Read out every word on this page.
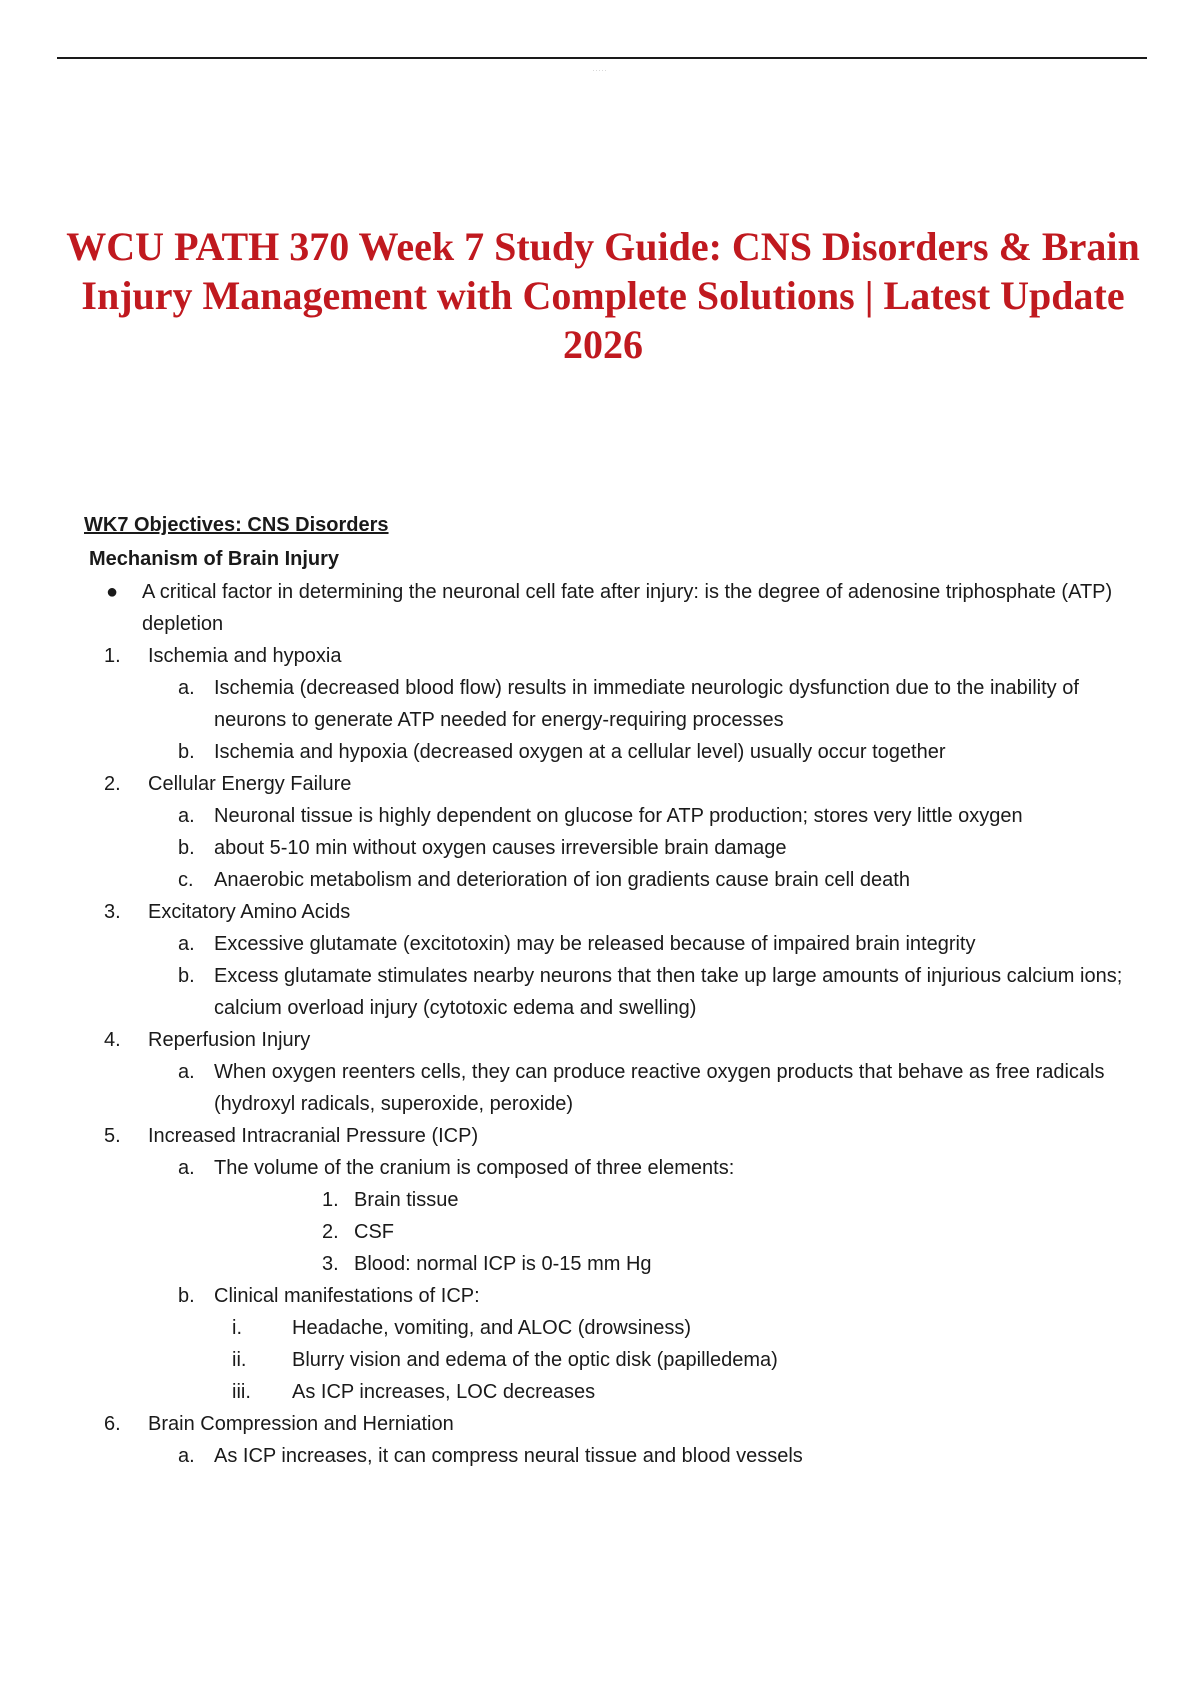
·····
WCU PATH 370 Week 7 Study Guide: CNS Disorders & Brain Injury Management with Complete Solutions | Latest Update 2026
WK7 Objectives: CNS Disorders
Mechanism of Brain Injury
● A critical factor in determining the neuronal cell fate after injury: is the degree of adenosine triphosphate (ATP) depletion
1. Ischemia and hypoxia
a. Ischemia (decreased blood flow) results in immediate neurologic dysfunction due to the inability of neurons to generate ATP needed for energy-requiring processes
b. Ischemia and hypoxia (decreased oxygen at a cellular level) usually occur together
2. Cellular Energy Failure
a. Neuronal tissue is highly dependent on glucose for ATP production; stores very little oxygen
b. about 5-10 min without oxygen causes irreversible brain damage
c. Anaerobic metabolism and deterioration of ion gradients cause brain cell death
3. Excitatory Amino Acids
a. Excessive glutamate (excitotoxin) may be released because of impaired brain integrity
b. Excess glutamate stimulates nearby neurons that then take up large amounts of injurious calcium ions; calcium overload injury (cytotoxic edema and swelling)
4. Reperfusion Injury
a. When oxygen reenters cells, they can produce reactive oxygen products that behave as free radicals (hydroxyl radicals, superoxide, peroxide)
5. Increased Intracranial Pressure (ICP)
a. The volume of the cranium is composed of three elements:
1. Brain tissue
2. CSF
3. Blood: normal ICP is 0-15 mm Hg
b. Clinical manifestations of ICP:
i.	Headache, vomiting, and ALOC (drowsiness)
ii. Blurry vision and edema of the optic disk (papilledema)
iii. As ICP increases, LOC decreases
6. Brain Compression and Herniation
a. As ICP increases, it can compress neural tissue and blood vessels
